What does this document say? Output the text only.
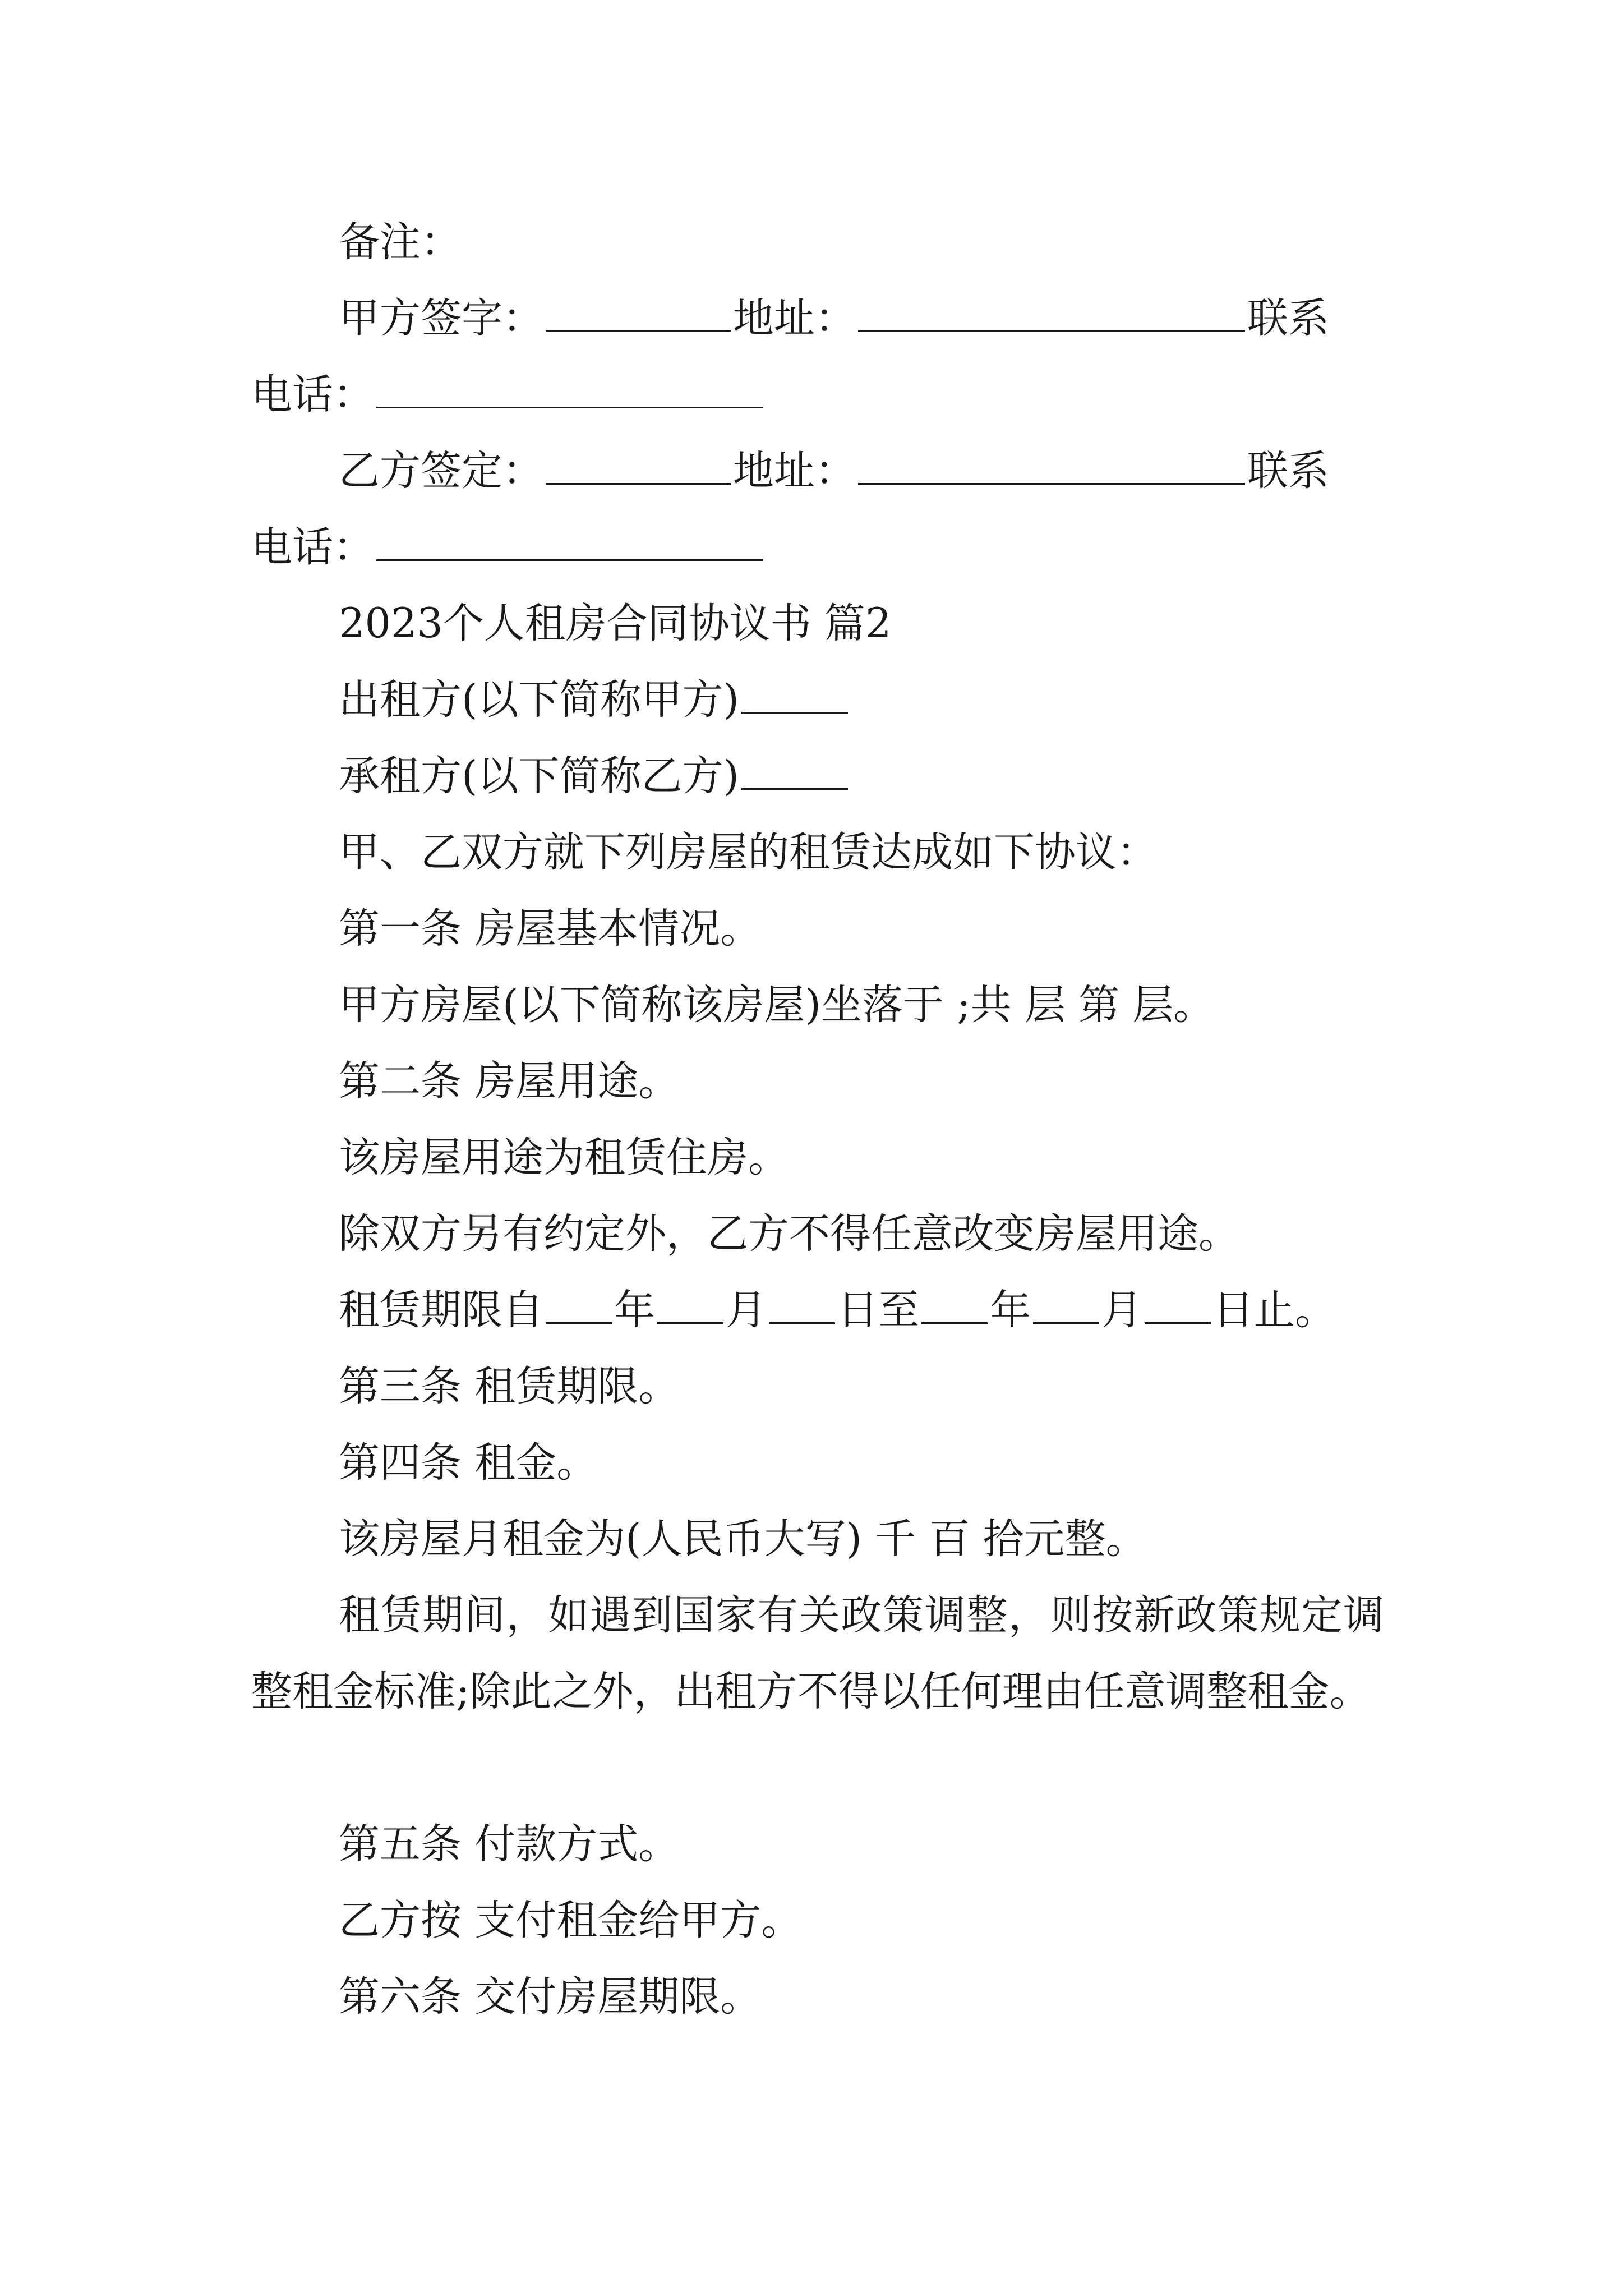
备注：
甲方签字：	地址：	联系
电话：
乙方签定：	地址：	联系
电话：
2023个人租房合同协议书 篇2
出租方(以下简称甲方)
承租方(以下简称乙方)
甲、乙双方就下列房屋的租赁达成如下协议：
第一条 房屋基本情况。
甲方房屋(以下简称该房屋)坐落于 ;共 层 第 层。
第二条 房屋用途。
该房屋用途为租赁住房。
除双方另有约定外，乙方不得任意改变房屋用途。
租赁期限自 年 月 日至 年 月 日止。
第三条 租赁期限。
第四条 租金。
该房屋月租金为(人民币大写) 千 百 拾元整。
租赁期间，如遇到国家有关政策调整，则按新政策规定调整租金标准;除此之外，出租方不得以任何理由任意调整租金。
第五条 付款方式。
乙方按 支付租金给甲方。
第六条 交付房屋期限。
